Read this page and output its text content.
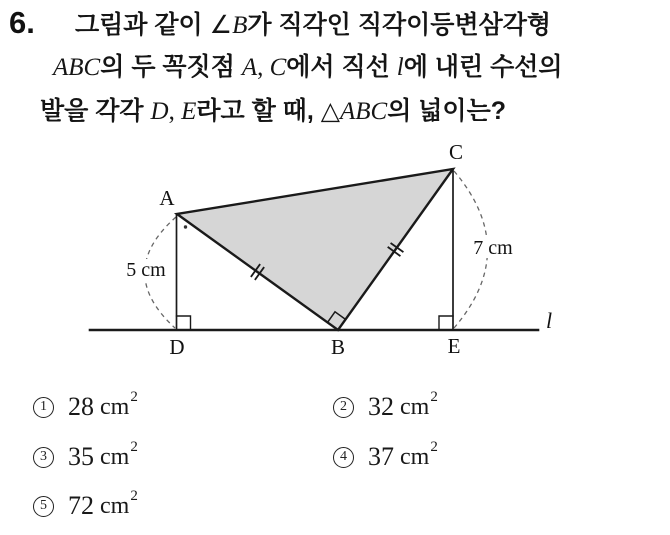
6. 그림과 같이 ∠B가 직각인 직각이등변삼각형
ABC의 두 꼭짓점 A, C에서 직선 l에 내린 수선의
발을 각각 D, E라고 할 때, △ABC의 넓이는?
A
C
D	B	E
l
5 cm
7 cm
1 28 cm 2
2 32 cm 2
3 35 cm 2
4 37 cm 2
5 72 cm 2
